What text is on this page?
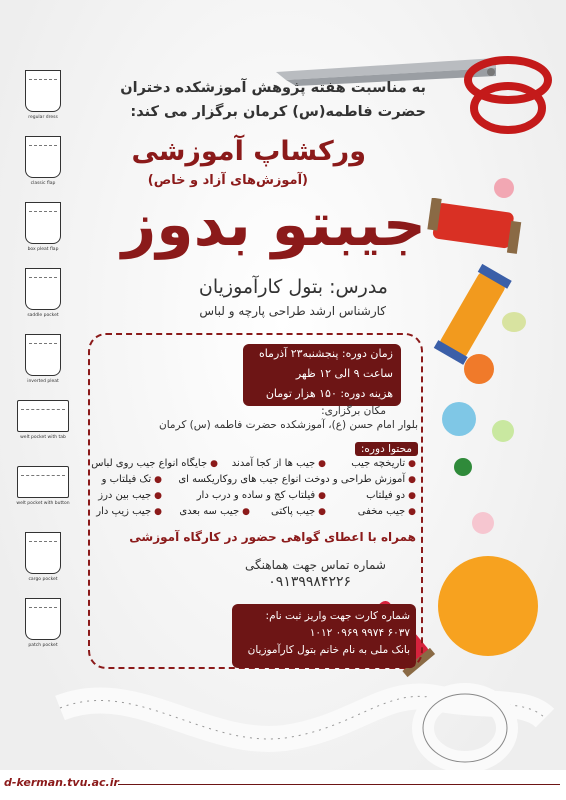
regular dress
classic flap
box pleat flap
saddle pocket
inverted pleat
welt pocket with tab
welt pocket with button
cargo pocket
patch pocket
به مناسبت هفته پژوهش آموزشکده دختران
حضرت فاطمه(س) کرمان برگزار می کند:
ورکشاپ آموزشی
(آموزش‌های آزاد و خاص)
جیبتو بدوز
مدرس: بتول کارآموزیان
کارشناس ارشد طراحی پارچه و لباس
زمان دوره: پنجشنبه۲۳ آذرماه
ساعت ۹ الی ۱۲ ظهر
هزینه دوره: ۱۵۰ هزار تومان
مکان برگزاری:
بلوار امام حسن (ع)، آموزشکده حضرت فاطمه (س) کرمان
محتوا دوره:
● تاریخچه جیب
● جیب ها از کجا آمدند
● جایگاه انواع جیب روی لباس
● آموزش طراحی و دوخت انواع جیب های روکاریکسه ای
● تک فیلتاب و
● دو فیلتاب
● فیلتاب کج و ساده و درب دار
● جیب بین درز
● جیب مخفی
● جیب پاکتی
● جیب سه بعدی
● جیب زیپ دار
همراه با اعطای گواهی حضور در کارگاه آموزشی
شماره تماس جهت هماهنگی
۰۹۱۳۹۹۸۴۲۲۶
شماره کارت جهت واریز ثبت نام:
۶۰۳۷ ۹۹۷۴ ۰۹۶۹ ۱۰۱۲
بانک ملی به نام خانم بتول کارآموزیان
d-kerman.tvu.ac.ir
